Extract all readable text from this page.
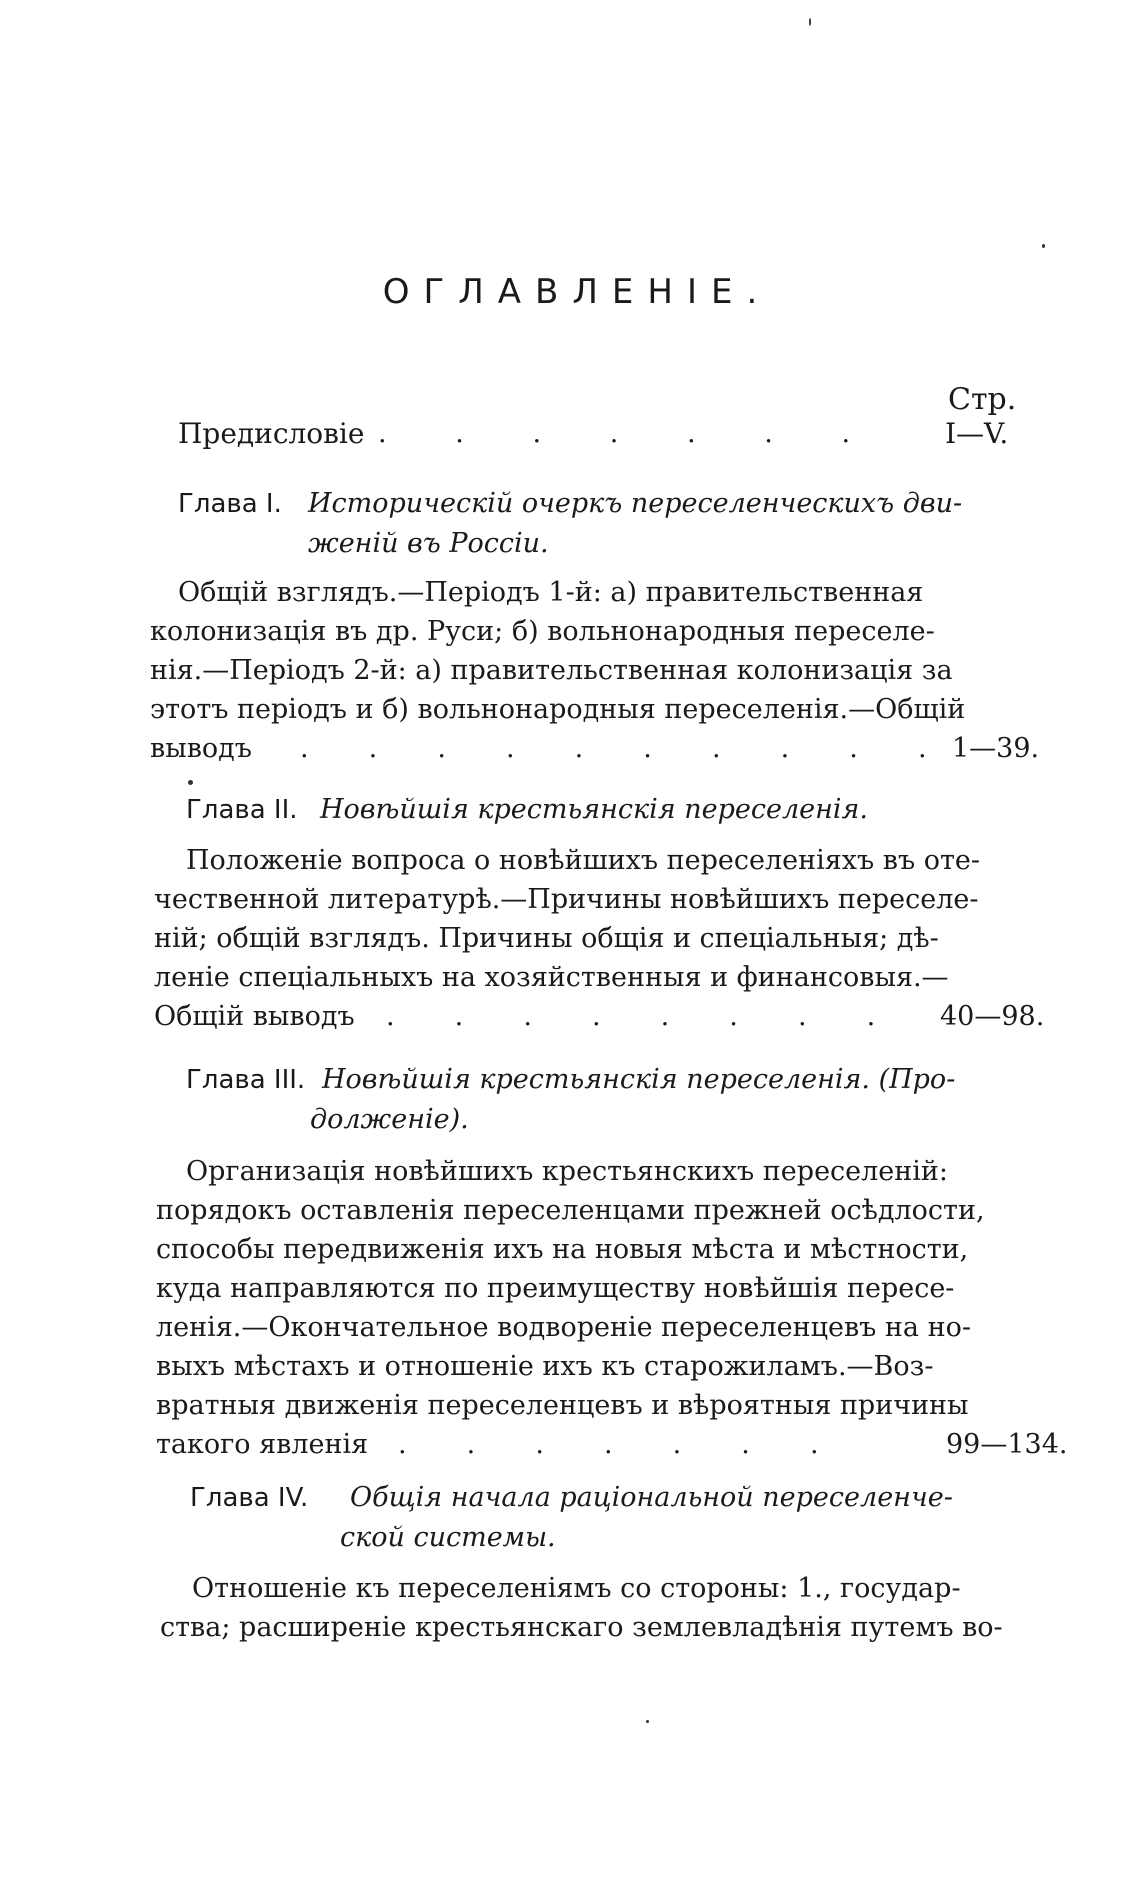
ОГЛАВЛЕНІЕ.
Стр.
Предисловіе .        .        .        .        .        .        .	I—V.
Глава I. Историческій очеркъ переселенческихъ дви-
женій въ Россіи.
Общій взглядъ.—Періодъ 1-й: а) правительственная
колонизація въ др. Руси; б) вольнонародныя переселе-
нія.—Періодъ 2-й: а) правительственная колонизація за
этотъ періодъ и б) вольнонародныя переселенія.—Общій
выводъ .       .       .       .       .       .       .       .       .       . 1—39.
Глава II. Новѣйшія крестьянскія переселенія.
Положеніе вопроса о новѣйшихъ переселеніяхъ въ оте-
чественной литературѣ.—Причины новѣйшихъ переселе-
ній; общій взглядъ. Причины общія и спеціальныя; дѣ-
леніе спеціальныхъ на хозяйственныя и финансовыя.—
Общій выводъ .       .       .       .       .       .       .       . 40—98.
Глава III. Новѣйшія крестьянскія переселенія. (Про-
долженіе).
Организація новѣйшихъ крестьянскихъ переселеній:
порядокъ оставленія переселенцами прежней осѣдлости,
способы передвиженія ихъ на новыя мѣста и мѣстности,
куда направляются по преимуществу новѣйшія пересе-
ленія.—Окончательное водвореніе переселенцевъ на но-
выхъ мѣстахъ и отношеніе ихъ къ старожиламъ.—Воз-
вратныя движенія переселенцевъ и вѣроятныя причины
такого явленія .       .       .       .       .       .       .	99—134.
Глава IV. Общія начала раціональной переселенче-
ской системы.
Отношеніе къ переселеніямъ со стороны: 1., государ-
ства; расширеніе крестьянскаго землевладѣнія путемъ во-
